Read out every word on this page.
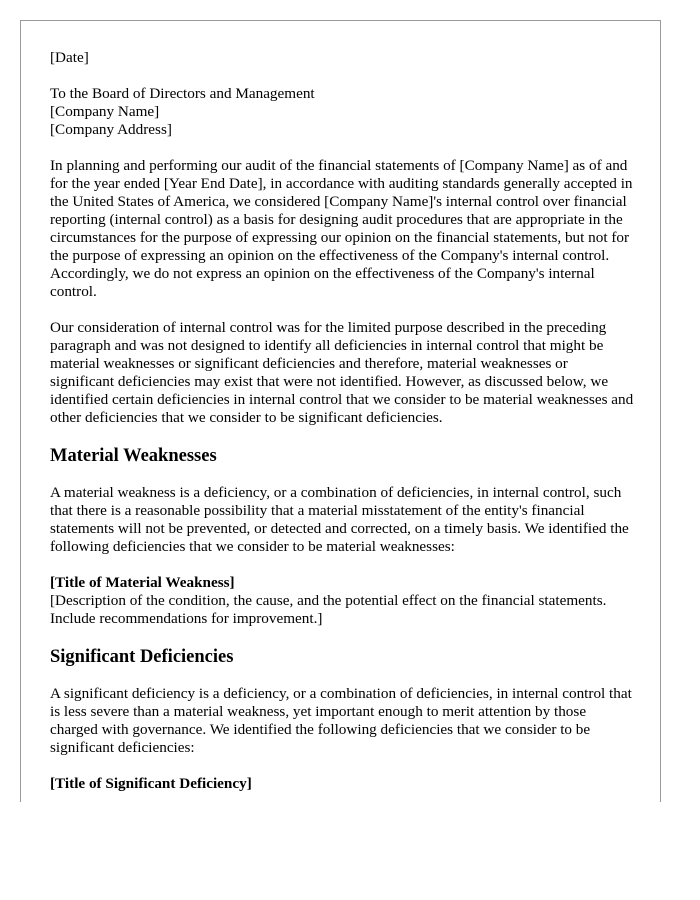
[Date]
To the Board of Directors and Management
[Company Name]
[Company Address]

In planning and performing our audit of the financial statements of [Company Name] as of and for the year ended [Year End Date], in accordance with auditing standards generally accepted in the United States of America, we considered [Company Name]'s internal control over financial reporting (internal control) as a basis for designing audit procedures that are appropriate in the circumstances for the purpose of expressing our opinion on the financial statements, but not for the purpose of expressing an opinion on the effectiveness of the Company's internal control. Accordingly, we do not express an opinion on the effectiveness of the Company's internal control.

Our consideration of internal control was for the limited purpose described in the preceding paragraph and was not designed to identify all deficiencies in internal control that might be material weaknesses or significant deficiencies and therefore, material weaknesses or significant deficiencies may exist that were not identified. However, as discussed below, we identified certain deficiencies in internal control that we consider to be material weaknesses and other deficiencies that we consider to be significant deficiencies.

Material Weaknesses

A material weakness is a deficiency, or a combination of deficiencies, in internal control, such that there is a reasonable possibility that a material misstatement of the entity's financial statements will not be prevented, or detected and corrected, on a timely basis. We identified the following deficiencies that we consider to be material weaknesses:

[Title of Material Weakness]
[Description of the condition, the cause, and the potential effect on the financial statements. Include recommendations for improvement.]
Significant Deficiencies

A significant deficiency is a deficiency, or a combination of deficiencies, in internal control that is less severe than a material weakness, yet important enough to merit attention by those charged with governance. We identified the following deficiencies that we consider to be significant deficiencies:

[Title of Significant Deficiency]
